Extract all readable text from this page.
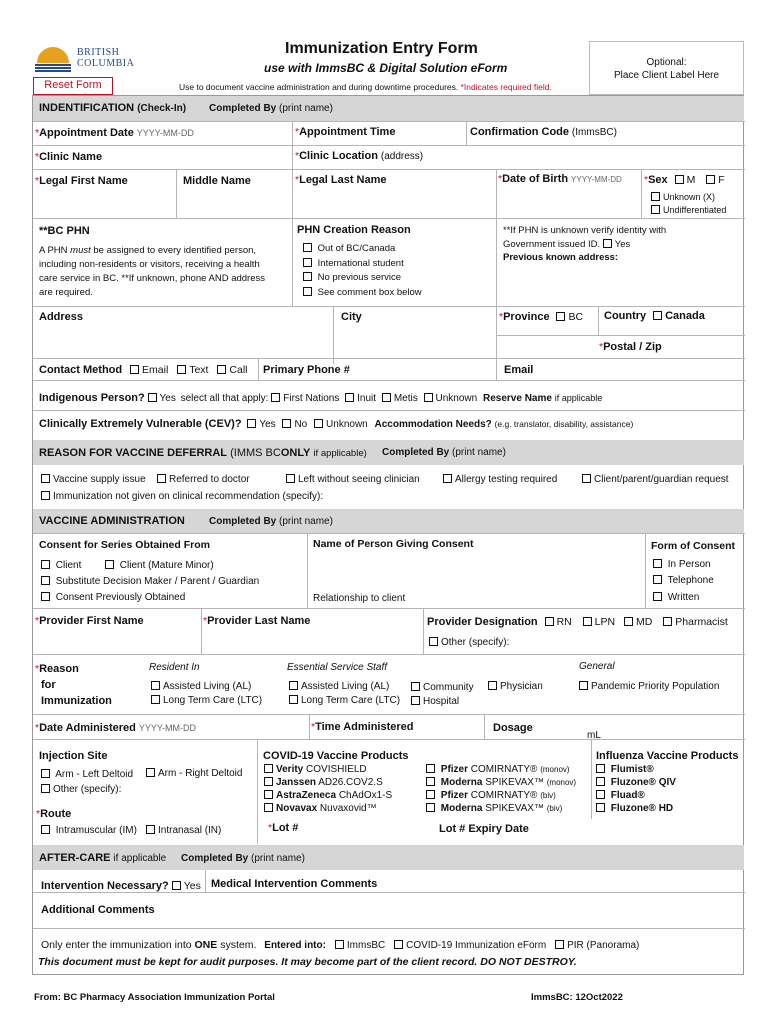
BRITISH
COLUMBIA
Immunization Entry Form
use with ImmsBC & Digital Solution eForm
Use to document vaccine administration and during downtime procedures. *Indicates required field.
Reset Form
Optional:
Place Client Label Here
INDENTIFICATION (Check-In) Completed By (print name)
*Appointment Date YYYY-MM-DD	*Appointment Time	Confirmation Code (ImmsBC)
*Clinic Name	*Clinic Location (address)
*Legal First Name	Middle Name	*Legal Last Name	*Date of Birth YYYY-MM-DD *Sex M F
Unknown (X)
Undifferentiated
**BC PHN
A PHN must be assigned to every identified person,
including non-residents or visitors, receiving a health
care service in BC. **If unknown, phone AND address
are required.
PHN Creation Reason
Out of BC/Canada
International student
No previous service
See comment box below
**If PHN is unknown verify identity with
Government issued ID. Yes
Previous known address:
Address	City	*Province BC Country Canada
*Postal / Zip
Contact Method Email Text Call Primary Phone #	Email
Indigenous Person? Yes select all that apply: First Nations Inuit Metis Unknown Reserve Name if applicable
Clinically Extremely Vulnerable (CEV)? Yes No Unknown Accommodation Needs? (e.g. translator, disability, assistance)
REASON FOR VACCINE DEFERRAL (IMMS BCONLY if applicable) Completed By (print name)
Vaccine supply issue	Referred to doctor	Left without seeing clinician	Allergy testing required	Client/parent/guardian request
Immunization not given on clinical recommendation (specify):
VACCINE ADMINISTRATION Completed By (print name)
Consent for Series Obtained From
Client	Client (Mature Minor)
Substitute Decision Maker / Parent / Guardian
Consent Previously Obtained
Name of Person Giving Consent
Relationship to client
Form of Consent
In Person
Telephone
Written
*Provider First Name	*Provider Last Name	Provider Designation RN LPN MD Pharmacist
Other (specify):
*Reason
for
Immunization
Resident In
Assisted Living (AL)
Long Term Care (LTC)
Essential Service Staff
Assisted Living (AL)
Long Term Care (LTC)
Community
Hospital
Physician
General
Pandemic Priority Population
*Date Administered YYYY-MM-DD	*Time Administered	Dosage
mL
Injection Site
Arm - Left Deltoid	Arm - Right Deltoid
Other (specify):
*Route
Intramuscular (IM)	Intranasal (IN)
COVID-19 Vaccine Products
Verity COVISHIELD
Janssen AD26.COV2.S
AstraZeneca ChAdOx1-S
Novavax Nuvaxovid™
Pfizer COMIRNATY® (monov)
Moderna SPIKEVAX™ (monov)
Pfizer COMIRNATY® (biv)
Moderna SPIKEVAX™ (biv)
*Lot #	Lot # Expiry Date
Influenza Vaccine Products
Flumist®
Fluzone® QIV
Fluad®
Fluzone® HD
AFTER-CARE if applicable Completed By (print name)
Intervention Necessary? Yes Medical Intervention Comments
Additional Comments
Only enter the immunization into ONE system. Entered into: ImmsBC COVID-19 Immunization eForm PIR (Panorama)
This document must be kept for audit purposes. It may become part of the client record. DO NOT DESTROY.
From: BC Pharmacy Association Immunization Portal	ImmsBC: 12Oct2022
